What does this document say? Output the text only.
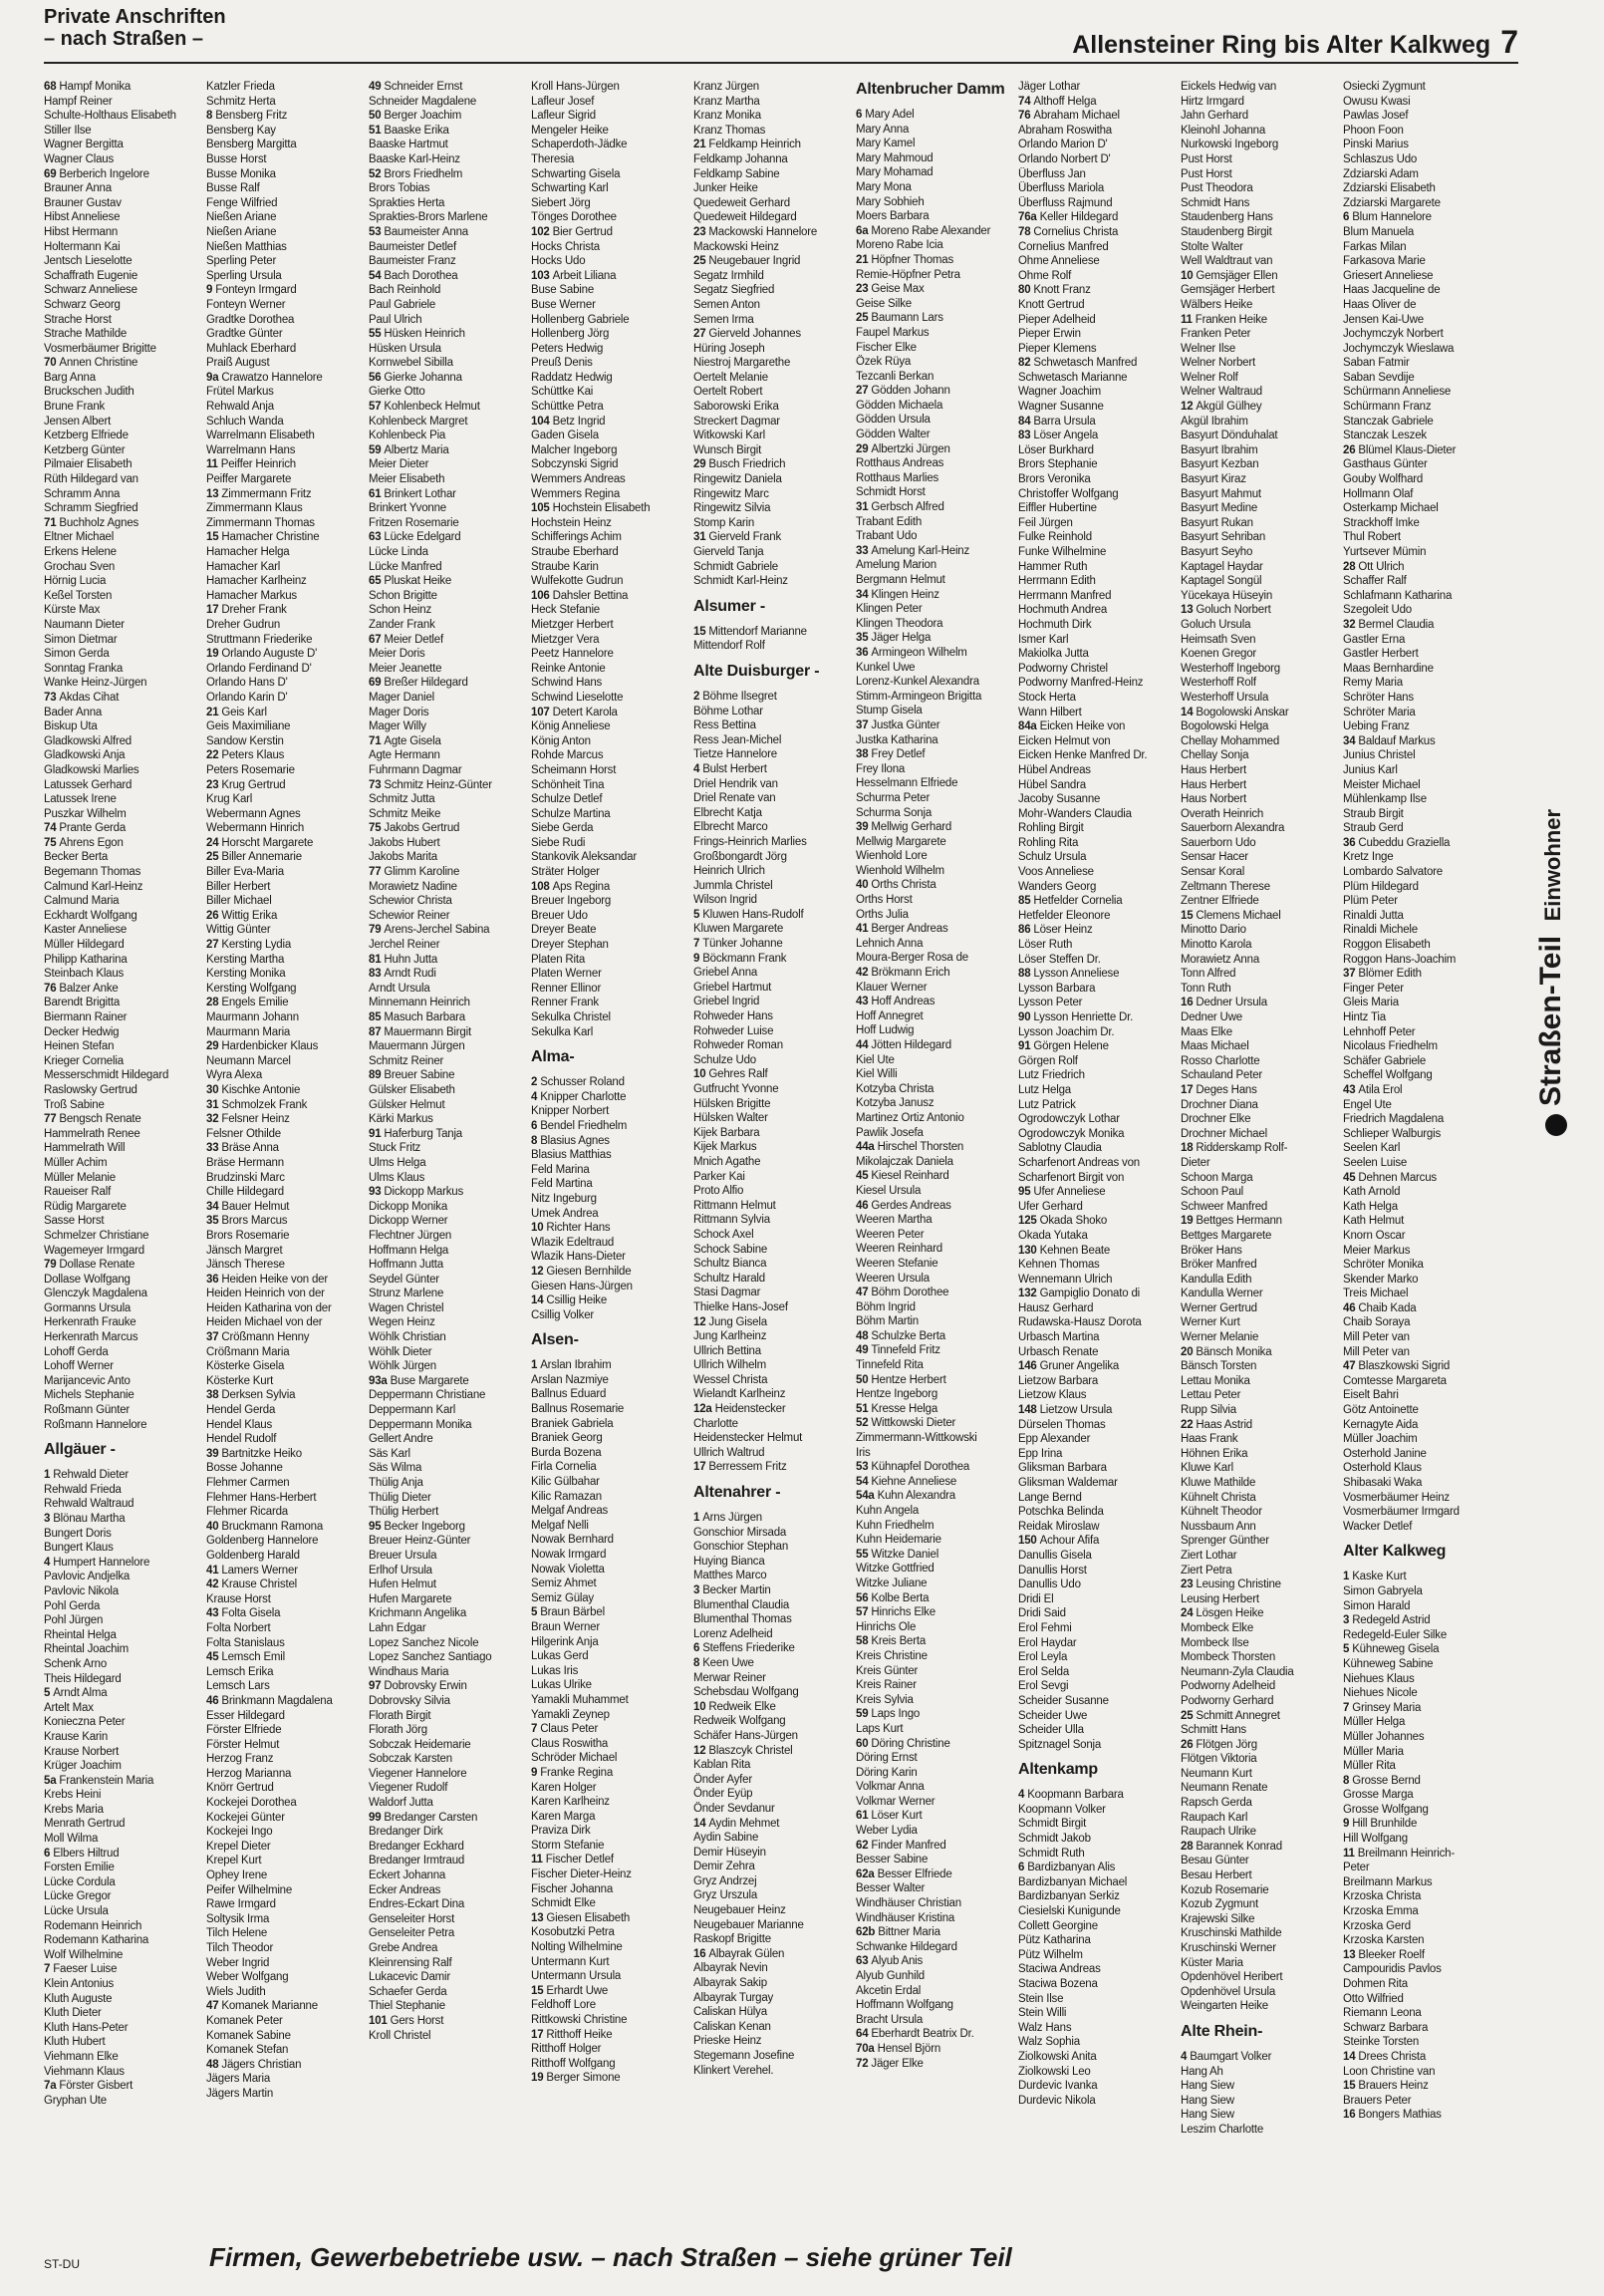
Private Anschriften
– nach Straßen –	Allensteiner Ring bis Alter Kalkweg 7
68 Hampf Monika
Hampf Reiner
Schulte-Holthaus Elisabeth
Stiller Ilse
Wagner Bergitta
Wagner Claus
69 Berberich Ingelore
Brauner Anna
Brauner Gustav
Hibst Anneliese
Hibst Hermann
Holtermann Kai
Jentsch Lieselotte
Schaffrath Eugenie
Schwarz Anneliese
Schwarz Georg
Strache Horst
Strache Mathilde
Vosmerbäumer Brigitte
70 Annen Christine
Barg Anna
Bruckschen Judith
Brune Frank
Jensen Albert
Ketzberg Elfriede
Ketzberg Günter
Pilmaier Elisabeth
Rüth Hildegard van
Schramm Anna
Schramm Siegfried
71 Buchholz Agnes
Eltner Michael
Erkens Helene
Grochau Sven
Hörnig Lucia
Keßel Torsten
Kürste Max
Naumann Dieter
Simon Dietmar
Simon Gerda
Sonntag Franka
Wanke Heinz-Jürgen
73 Akdas Cihat
Bader Anna
Biskup Uta
Gladkowski Alfred
Gladkowski Anja
Gladkowski Marlies
Latussek Gerhard
Latussek Irene
Puszkar Wilhelm
74 Prante Gerda
75 Ahrens Egon
Becker Berta
Begemann Thomas
Calmund Karl-Heinz
Calmund Maria
Eckhardt Wolfgang
Kaster Anneliese
Müller Hildegard
Philipp Katharina
Steinbach Klaus
76 Balzer Anke
Barendt Brigitta
Biermann Rainer
Decker Hedwig
Heinen Stefan
Krieger Cornelia
Messerschmidt Hildegard
Raslowsky Gertrud
Troß Sabine
77 Bengsch Renate
Hammelrath Renee
Hammelrath Will
Müller Achim
Müller Melanie
Raueiser Ralf
Rüdig Margarete
Sasse Horst
Schmelzer Christiane
Wagemeyer Irmgard
79 Dollase Renate
Dollase Wolfgang
Glenczyk Magdalena
Gormanns Ursula
Herkenrath Frauke
Herkenrath Marcus
Lohoff Gerda
Lohoff Werner
Marijancevic Anto
Michels Stephanie
Roßmann Günter
Roßmann Hannelore
Allgäuer -
1 Rehwald Dieter
Rehwald Frieda
Rehwald Waltraud
3 Blönau Martha
Bungert Doris
Bungert Klaus
4 Humpert Hannelore
Pavlovic Andjelka
Pavlovic Nikola
Pohl Gerda
Pohl Jürgen
Rheintal Helga
Rheintal Joachim
Schenk Arno
Theis Hildegard
5 Arndt Alma
Artelt Max
Konieczna Peter
Krause Karin
Krause Norbert
Krüger Joachim
5a Frankenstein Maria
Krebs Heini
Krebs Maria
Menrath Gertrud
Moll Wilma
6 Elbers Hiltrud
Forsten Emilie
Lücke Cordula
Lücke Gregor
Lücke Ursula
Rodemann Heinrich
Rodemann Katharina
Wolf Wilhelmine
7 Faeser Luise
Klein Antonius
Kluth Auguste
Kluth Dieter
Kluth Hans-Peter
Kluth Hubert
Viehmann Elke
Viehmann Klaus
7a Förster Gisbert
Gryphan Ute
Katzler Frieda
Schmitz Herta
8 Bensberg Fritz
Bensberg Kay
Bensberg Margitta
Busse Horst
Busse Monika
Busse Ralf
Fenge Wilfried
Nießen Ariane
Nießen Ariane
Nießen Matthias
Sperling Peter
Sperling Ursula
9 Fonteyn Irmgard
Fonteyn Werner
Gradtke Dorothea
Gradtke Günter
Muhlack Eberhard
Praiß August
9a Crawatzo Hannelore
Frütel Markus
Rehwald Anja
Schluch Wanda
Warrelmann Elisabeth
Warrelmann Hans
11 Peiffer Heinrich
Peiffer Margarete
13 Zimmermann Fritz
Zimmermann Klaus
Zimmermann Thomas
15 Hamacher Christine
Hamacher Helga
Hamacher Karl
Hamacher Karlheinz
Hamacher Markus
17 Dreher Frank
Dreher Gudrun
Struttmann Friederike
19 Orlando Auguste D'
Orlando Ferdinand D'
Orlando Hans D'
Orlando Karin D'
21 Geis Karl
Geis Maximiliane
Sandow Kerstin
22 Peters Klaus
Peters Rosemarie
23 Krug Gertrud
Krug Karl
Webermann Agnes
Webermann Hinrich
24 Horscht Margarete
25 Biller Annemarie
Biller Eva-Maria
Biller Herbert
Biller Michael
26 Wittig Erika
Wittig Günter
27 Kersting Lydia
Kersting Martha
Kersting Monika
Kersting Wolfgang
28 Engels Emilie
Maurmann Johann
Maurmann Maria
29 Hardenbicker Klaus
Neumann Marcel
Wyra Alexa
30 Kischke Antonie
31 Schmolzek Frank
32 Felsner Heinz
Felsner Othilde
33 Bräse Anna
Bräse Hermann
Brudzinski Marc
Chille Hildegard
34 Bauer Helmut
35 Brors Marcus
Brors Rosemarie
Jänsch Margret
Jänsch Therese
36 Heiden Heike von der
Heiden Heinrich von der
Heiden Katharina von der
Heiden Michael von der
37 Crößmann Henny
Crößmann Maria
Kösterke Gisela
Kösterke Kurt
38 Derksen Sylvia
Hendel Gerda
Hendel Klaus
Hendel Rudolf
39 Bartnitzke Heiko
Bosse Johanne
Flehmer Carmen
Flehmer Hans-Herbert
Flehmer Ricarda
40 Bruckmann Ramona
Goldenberg Hannelore
Goldenberg Harald
41 Lamers Werner
42 Krause Christel
Krause Horst
43 Folta Gisela
Folta Norbert
Folta Stanislaus
45 Lemsch Emil
Lemsch Erika
Lemsch Lars
46 Brinkmann Magdalena
Esser Hildegard
Förster Elfriede
Förster Helmut
Herzog Franz
Herzog Marianna
Knörr Gertrud
Kockejei Dorothea
Kockejei Günter
Kockejei Ingo
Krepel Dieter
Krepel Kurt
Ophey Irene
Peifer Wilhelmine
Rawe Irmgard
Soltysik Irma
Tilch Helene
Tilch Theodor
Weber Ingrid
Weber Wolfgang
Wiels Judith
47 Komanek Marianne
Komanek Peter
Komanek Sabine
Komanek Stefan
48 Jägers Christian
Jägers Maria
Jägers Martin
49 Schneider Ernst
Schneider Magdalene
50 Berger Joachim
51 Baaske Erika
Baaske Hartmut
Baaske Karl-Heinz
52 Brors Friedhelm
Brors Tobias
Sprakties Herta
Sprakties-Brors Marlene
53 Baumeister Anna
Baumeister Detlef
Baumeister Franz
54 Bach Dorothea
Bach Reinhold
Paul Gabriele
Paul Ulrich
55 Hüsken Heinrich
Hüsken Ursula
Kornwebel Sibilla
56 Gierke Johanna
Gierke Otto
57 Kohlenbeck Helmut
Kohlenbeck Margret
Kohlenbeck Pia
59 Albertz Maria
Meier Dieter
Meier Elisabeth
61 Brinkert Lothar
Brinkert Yvonne
Fritzen Rosemarie
63 Lücke Edelgard
Lücke Linda
Lücke Manfred
65 Pluskat Heike
Schon Brigitte
Schon Heinz
Zander Frank
67 Meier Detlef
Meier Doris
Meier Jeanette
69 Breßer Hildegard
Mager Daniel
Mager Doris
Mager Willy
71 Agte Gisela
Agte Hermann
Fuhrmann Dagmar
73 Schmitz Heinz-Günter
Schmitz Jutta
Schmitz Meike
75 Jakobs Gertrud
Jakobs Hubert
Jakobs Marita
77 Glimm Karoline
Morawietz Nadine
Schewior Christa
Schewior Reiner
79 Arens-Jerchel Sabina
Jerchel Reiner
81 Huhn Jutta
83 Arndt Rudi
Arndt Ursula
Minnemann Heinrich
85 Masuch Barbara
87 Mauermann Birgit
Mauermann Jürgen
Schmitz Reiner
89 Breuer Sabine
Gülsker Elisabeth
Gülsker Helmut
Kärki Markus
91 Haferburg Tanja
Stuck Fritz
Ulms Helga
Ulms Klaus
93 Dickopp Markus
Dickopp Monika
Dickopp Werner
Flechtner Jürgen
Hoffmann Helga
Hoffmann Jutta
Seydel Günter
Strunz Marlene
Wagen Christel
Wegen Heinz
Wöhlk Christian
Wöhlk Dieter
Wöhlk Jürgen
93a Buse Margarete
Deppermann Christiane
Deppermann Karl
Deppermann Monika
Gellert Andre
Säs Karl
Säs Wilma
Thülig Anja
Thülig Dieter
Thülig Herbert
95 Becker Ingeborg
Breuer Heinz-Günter
Breuer Ursula
Erlhof Ursula
Hufen Helmut
Hufen Margarete
Krichmann Angelika
Lahn Edgar
Lopez Sanchez Nicole
Lopez Sanchez Santiago
Windhaus Maria
97 Dobrovsky Erwin
Dobrovsky Silvia
Florath Birgit
Florath Jörg
Sobczak Heidemarie
Sobczak Karsten
Viegener Hannelore
Viegener Rudolf
Waldorf Jutta
99 Bredanger Carsten
Bredanger Dirk
Bredanger Eckhard
Bredanger Irmtraud
Eckert Johanna
Ecker Andreas
Endres-Eckart Dina
Genseleiter Horst
Genseleiter Petra
Grebe Andrea
Kleinrensing Ralf
Lukacevic Damir
Schaefer Gerda
Thiel Stephanie
101 Gers Horst
Kroll Christel
Kroll Hans-Jürgen
Lafleur Josef
Lafleur Sigrid
Mengeler Heike
Schaperdoth-Jädke
Theresia
Schwarting Gisela
Schwarting Karl
Siebert Jörg
Tönges Dorothee
102 Bier Gertrud
Hocks Christa
Hocks Udo
103 Arbeit Liliana
Buse Sabine
Buse Werner
Hollenberg Gabriele
Hollenberg Jörg
Peters Hedwig
Preuß Denis
Raddatz Hedwig
Schüttke Kai
Schüttke Petra
104 Betz Ingrid
Gaden Gisela
Malcher Ingeborg
Sobczynski Sigrid
Wemmers Andreas
Wemmers Regina
105 Hochstein Elisabeth
Hochstein Heinz
Schifferings Achim
Straube Eberhard
Straube Karin
Wulfekotte Gudrun
106 Dahsler Bettina
Heck Stefanie
Mietzger Herbert
Mietzger Vera
Peetz Hannelore
Reinke Antonie
Schwind Hans
Schwind Lieselotte
107 Detert Karola
König Anneliese
König Anton
Rohde Marcus
Scheimann Horst
Schönheit Tina
Schulze Detlef
Schulze Martina
Siebe Gerda
Siebe Rudi
Stankovik Aleksandar
Sträter Holger
108 Aps Regina
Breuer Ingeborg
Breuer Udo
Dreyer Beate
Dreyer Stephan
Platen Rita
Platen Werner
Renner Ellinor
Renner Frank
Sekulka Christel
Sekulka Karl
Alma-
2 Schusser Roland
4 Knipper Charlotte
Knipper Norbert
6 Bendel Friedhelm
8 Blasius Agnes
Blasius Matthias
Feld Marina
Feld Martina
Nitz Ingeburg
Umek Andrea
10 Richter Hans
Wlazik Edeltraud
Wlazik Hans-Dieter
12 Giesen Bernhilde
Giesen Hans-Jürgen
14 Csillig Heike
Csillig Volker
Alsen-
1 Arslan Ibrahim
Arslan Nazmiye
Ballnus Eduard
Ballnus Rosemarie
Braniek Gabriela
Braniek Georg
Burda Bozena
Firla Cornelia
Kilic Gülbahar
Kilic Ramazan
Melgaf Andreas
Melgaf Nelli
Nowak Bernhard
Nowak Irmgard
Nowak Violetta
Semiz Ahmet
Semiz Gülay
5 Braun Bärbel
Braun Werner
Hilgerink Anja
Lukas Gerd
Lukas Iris
Lukas Ulrike
Yamakli Muhammet
Yamakli Zeynep
7 Claus Peter
Claus Roswitha
Schröder Michael
9 Franke Regina
Karen Holger
Karen Karlheinz
Karen Marga
Praviza Dirk
Storm Stefanie
11 Fischer Detlef
Fischer Dieter-Heinz
Fischer Johanna
Schmidt Elke
13 Giesen Elisabeth
Kosobutzki Petra
Nolting Wilhelmine
Untermann Kurt
Untermann Ursula
15 Erhardt Uwe
Feldhoff Lore
Rittkowski Christine
17 Ritthoff Heike
Ritthoff Holger
Ritthoff Wolfgang
19 Berger Simone
Kranz Jürgen
Kranz Martha
Kranz Monika
Kranz Thomas
21 Feldkamp Heinrich
Feldkamp Johanna
Feldkamp Sabine
Junker Heike
Quedeweit Gerhard
Quedeweit Hildegard
23 Mackowski Hannelore
Mackowski Heinz
25 Neugebauer Ingrid
Segatz Irmhild
Segatz Siegfried
Semen Anton
Semen Irma
27 Gierveld Johannes
Hüring Joseph
Niestroj Margarethe
Oertelt Melanie
Oertelt Robert
Saborowski Erika
Streckert Dagmar
Witkowski Karl
Wunsch Birgit
29 Busch Friedrich
Ringewitz Daniela
Ringewitz Marc
Ringewitz Silvia
Stomp Karin
31 Gierveld Frank
Gierveld Tanja
Schmidt Gabriele
Schmidt Karl-Heinz
Alsumer -
15 Mittendorf Marianne
Mittendorf Rolf
Alte Duisburger -
2 Böhme Ilsegret
Böhme Lothar
Ress Bettina
Ress Jean-Michel
Tietze Hannelore
4 Bulst Herbert
Driel Hendrik van
Driel Renate van
Elbrecht Katja
Elbrecht Marco
Frings-Heinrich Marlies
Großbongardt Jörg
Heinrich Ulrich
Jummla Christel
Wilson Ingrid
5 Kluwen Hans-Rudolf
Kluwen Margarete
7 Tünker Johanne
9 Böckmann Frank
Griebel Anna
Griebel Hartmut
Griebel Ingrid
Rohweder Hans
Rohweder Luise
Rohweder Roman
Schulze Udo
10 Gehres Ralf
Gutfrucht Yvonne
Hülsken Brigitte
Hülsken Walter
Kijek Barbara
Kijek Markus
Mnich Agathe
Parker Kai
Proto Alfio
Rittmann Helmut
Rittmann Sylvia
Schock Axel
Schock Sabine
Schultz Bianca
Schultz Harald
Stasi Dagmar
Thielke Hans-Josef
12 Jung Gisela
Jung Karlheinz
Ullrich Bettina
Ullrich Wilhelm
Wessel Christa
Wielandt Karlheinz
12a Heidenstecker
Charlotte
Heidenstecker Helmut
Ullrich Waltrud
17 Berressem Fritz
Altenahrer -
1 Arns Jürgen
Gonschior Mirsada
Gonschior Stephan
Huying Bianca
Matthes Marco
3 Becker Martin
Blumenthal Claudia
Blumenthal Thomas
Lorenz Adelheid
6 Steffens Friederike
8 Keen Uwe
Merwar Reiner
Schebsdau Wolfgang
10 Redweik Elke
Redweik Wolfgang
Schäfer Hans-Jürgen
12 Blaszcyk Christel
Kablan Rita
Önder Ayfer
Önder Eyüp
Önder Sevdanur
14 Aydin Mehmet
Aydin Sabine
Demir Hüseyin
Demir Zehra
Gryz Andrzej
Gryz Urszula
Neugebauer Heinz
Neugebauer Marianne
Raskopf Brigitte
16 Albayrak Gülen
Albayrak Nevin
Albayrak Sakip
Albayrak Turgay
Caliskan Hülya
Caliskan Kenan
Prieske Heinz
Stegemann Josefine
Klinkert Verehel.
Altenbrucher Damm
6 Mary Adel
Mary Anna
Mary Kamel
Mary Mahmoud
Mary Mohamad
Mary Mona
Mary Sobhieh
Moers Barbara
6a Moreno Rabe Alexander
Moreno Rabe Icia
21 Höpfner Thomas
Remie-Höpfner Petra
23 Geise Max
Geise Silke
25 Baumann Lars
Faupel Markus
Fischer Elke
Özek Rüya
Tezcanli Berkan
27 Gödden Johann
Gödden Michaela
Gödden Ursula
Gödden Walter
29 Albertzki Jürgen
Rotthaus Andreas
Rotthaus Marlies
Schmidt Horst
31 Gerbsch Alfred
Trabant Edith
Trabant Udo
33 Amelung Karl-Heinz
Amelung Marion
Bergmann Helmut
34 Klingen Heinz
Klingen Peter
Klingen Theodora
35 Jäger Helga
36 Armingeon Wilhelm
Kunkel Uwe
Lorenz-Kunkel Alexandra
Stimm-Armingeon Brigitta
Stump Gisela
37 Justka Günter
Justka Katharina
38 Frey Detlef
Frey Ilona
Hesselmann Elfriede
Schurma Peter
Schurma Sonja
39 Mellwig Gerhard
Mellwig Margarete
Wienhold Lore
Wienhold Wilhelm
40 Orths Christa
Orths Horst
Orths Julia
41 Berger Andreas
Lehnich Anna
Moura-Berger Rosa de
42 Brökmann Erich
Klauer Werner
43 Hoff Andreas
Hoff Annegret
Hoff Ludwig
44 Jötten Hildegard
Kiel Ute
Kiel Willi
Kotzyba Christa
Kotzyba Janusz
Martinez Ortiz Antonio
Pawlik Josefa
44a Hirschel Thorsten
Mikolajczak Daniela
45 Kiesel Reinhard
Kiesel Ursula
46 Gerdes Andreas
Weeren Martha
Weeren Peter
Weeren Reinhard
Weeren Stefanie
Weeren Ursula
47 Böhm Dorothee
Böhm Ingrid
Böhm Martin
48 Schulzke Berta
49 Tinnefeld Fritz
Tinnefeld Rita
50 Hentze Herbert
Hentze Ingeborg
51 Kresse Helga
52 Wittkowski Dieter
Zimmermann-Wittkowski
Iris
53 Kühnapfel Dorothea
54 Kiehne Anneliese
54a Kuhn Alexandra
Kuhn Angela
Kuhn Friedhelm
Kuhn Heidemarie
55 Witzke Daniel
Witzke Gottfried
Witzke Juliane
56 Kolbe Berta
57 Hinrichs Elke
Hinrichs Ole
58 Kreis Berta
Kreis Christine
Kreis Günter
Kreis Rainer
Kreis Sylvia
59 Laps Ingo
Laps Kurt
60 Döring Christine
Döring Ernst
Döring Karin
Volkmar Anna
Volkmar Werner
61 Löser Kurt
Weber Lydia
62 Finder Manfred
Besser Sabine
62a Besser Elfriede
Besser Walter
Windhäuser Christian
Windhäuser Kristina
62b Bittner Maria
Schwanke Hildegard
63 Alyub Anis
Alyub Gunhild
Akcetin Erdal
Hoffmann Wolfgang
Bracht Ursula
64 Eberhardt Beatrix Dr.
70a Hensel Björn
72 Jäger Elke
Jäger Lothar
74 Althoff Helga
76 Abraham Michael
Abraham Roswitha
Orlando Marion D'
Orlando Norbert D'
Überfluss Jan
Überfluss Mariola
Überfluss Rajmund
76a Keller Hildegard
78 Cornelius Christa
Cornelius Manfred
Ohme Anneliese
Ohme Rolf
80 Knott Franz
Knott Gertrud
Pieper Adelheid
Pieper Erwin
Pieper Klemens
82 Schwetasch Manfred
Schwetasch Marianne
Wagner Joachim
Wagner Susanne
84 Barra Ursula
83 Löser Angela
Löser Burkhard
Brors Stephanie
Brors Veronika
Christoffer Wolfgang
Eiffler Hubertine
Feil Jürgen
Fulke Reinhold
Funke Wilhelmine
Hammer Ruth
Herrmann Edith
Herrmann Manfred
Hochmuth Andrea
Hochmuth Dirk
Ismer Karl
Makiolka Jutta
Podworny Christel
Podworny Manfred-Heinz
Stock Herta
Wann Hilbert
84a Eicken Heike von
Eicken Helmut von
Eicken Henke Manfred Dr.
Hübel Andreas
Hübel Sandra
Jacoby Susanne
Mohr-Wanders Claudia
Rohling Birgit
Rohling Rita
Schulz Ursula
Voos Anneliese
Wanders Georg
85 Hetfelder Cornelia
Hetfelder Eleonore
86 Löser Heinz
Löser Ruth
Löser Steffen Dr.
88 Lysson Anneliese
Lysson Barbara
Lysson Peter
90 Lysson Henriette Dr.
Lysson Joachim Dr.
91 Görgen Helene
Görgen Rolf
Lutz Friedrich
Lutz Helga
Lutz Patrick
Ogrodowczyk Lothar
Ogrodowczyk Monika
Sablotny Claudia
Scharfenort Andreas von
Scharfenort Birgit von
95 Ufer Anneliese
Ufer Gerhard
125 Okada Shoko
Okada Yutaka
130 Kehnen Beate
Kehnen Thomas
Wennemann Ulrich
132 Gampiglio Donato di
Hausz Gerhard
Rudawska-Hausz Dorota
Urbasch Martina
Urbasch Renate
146 Gruner Angelika
Lietzow Barbara
Lietzow Klaus
148 Lietzow Ursula
Dürselen Thomas
Epp Alexander
Epp Irina
Gliksman Barbara
Gliksman Waldemar
Lange Bernd
Potschka Belinda
Reidak Miroslaw
150 Achour Afifa
Danullis Gisela
Danullis Horst
Danullis Udo
Dridi El
Dridi Said
Erol Fehmi
Erol Haydar
Erol Leyla
Erol Selda
Erol Sevgi
Scheider Susanne
Scheider Uwe
Scheider Ulla
Spitznagel Sonja
Altenkamp
4 Koopmann Barbara
Koopmann Volker
Schmidt Birgit
Schmidt Jakob
Schmidt Ruth
6 Bardizbanyan Alis
Bardizbanyan Michael
Bardizbanyan Serkiz
Ciesielski Kunigunde
Collett Georgine
Pütz Katharina
Pütz Wilhelm
Staciwa Andreas
Staciwa Bozena
Stein Ilse
Stein Willi
Walz Hans
Walz Sophia
Ziolkowski Anita
Ziolkowski Leo
Durdevic Ivanka
Durdevic Nikola
Eickels Hedwig van
Hirtz Irmgard
Jahn Gerhard
Kleinohl Johanna
Nurkowski Ingeborg
Pust Horst
Pust Horst
Pust Theodora
Schmidt Hans
Staudenberg Hans
Staudenberg Birgit
Stolte Walter
Well Waldtraut van
10 Gemsjäger Ellen
Gemsjäger Herbert
Wälbers Heike
11 Franken Heike
Franken Peter
Welner Ilse
Welner Norbert
Welner Rolf
Welner Waltraud
12 Akgül Gülhey
Akgül Ibrahim
Basyurt Dönduhalat
Basyurt Ibrahim
Basyurt Kezban
Basyurt Kiraz
Basyurt Mahmut
Basyurt Medine
Basyurt Rukan
Basyurt Sehriban
Basyurt Seyho
Kaptagel Haydar
Kaptagel Songül
Yücekaya Hüseyin
13 Goluch Norbert
Goluch Ursula
Heimsath Sven
Koenen Gregor
Westerhoff Ingeborg
Westerhoff Rolf
Westerhoff Ursula
14 Bogolowski Anskar
Bogolowski Helga
Chellay Mohammed
Chellay Sonja
Haus Herbert
Haus Herbert
Haus Norbert
Overath Heinrich
Sauerborn Alexandra
Sauerborn Udo
Sensar Hacer
Sensar Koral
Zeltmann Therese
Zentner Elfriede
15 Clemens Michael
Minotto Dario
Minotto Karola
Morawietz Anna
Tonn Alfred
Tonn Ruth
16 Dedner Ursula
Dedner Uwe
Maas Elke
Maas Michael
Rosso Charlotte
Schauland Peter
17 Deges Hans
Drochner Diana
Drochner Elke
Drochner Michael
18 Ridderskamp Rolf-
Dieter
Schoon Marga
Schoon Paul
Schweer Manfred
19 Bettges Hermann
Bettges Margarete
Bröker Hans
Bröker Manfred
Kandulla Edith
Kandulla Werner
Werner Gertrud
Werner Kurt
Werner Melanie
20 Bänsch Monika
Bänsch Torsten
Lettau Monika
Lettau Peter
Rupp Silvia
22 Haas Astrid
Haas Frank
Höhnen Erika
Kluwe Karl
Kluwe Mathilde
Kühnelt Christa
Kühnelt Theodor
Nussbaum Ann
Sprenger Günther
Ziert Lothar
Ziert Petra
23 Leusing Christine
Leusing Herbert
24 Lösgen Heike
Mombeck Elke
Mombeck Ilse
Mombeck Thorsten
Neumann-Zyla Claudia
Podworny Adelheid
Podworny Gerhard
25 Schmitt Annegret
Schmitt Hans
26 Flötgen Jörg
Flötgen Viktoria
Neumann Kurt
Neumann Renate
Rapsch Gerda
Raupach Karl
Raupach Ulrike
28 Barannek Konrad
Besau Günter
Besau Herbert
Kozub Rosemarie
Kozub Zygmunt
Krajewski Silke
Kruschinski Mathilde
Kruschinski Werner
Küster Maria
Opdenhövel Heribert
Opdenhövel Ursula
Weingarten Heike
Alte Rhein-
4 Baumgart Volker
Hang Ah
Hang Siew
Hang Siew
Hang Siew
Leszim Charlotte
Osiecki Zygmunt
Owusu Kwasi
Pawlas Josef
Phoon Foon
Pinski Marius
Schlaszus Udo
Zdziarski Adam
Zdziarski Elisabeth
Zdziarski Margarete
6 Blum Hannelore
Blum Manuela
Farkas Milan
Farkasova Marie
Griesert Anneliese
Haas Jacqueline de
Haas Oliver de
Jensen Kai-Uwe
Jochymczyk Norbert
Jochymczyk Wieslawa
Saban Fatmir
Saban Sevdije
Schürmann Anneliese
Schürmann Franz
Stanczak Gabriele
Stanczak Leszek
26 Blümel Klaus-Dieter
Gasthaus Günter
Gouby Wolfhard
Hollmann Olaf
Osterkamp Michael
Strackhoff Imke
Thul Robert
Yurtsever Mümin
28 Ott Ulrich
Schaffer Ralf
Schlafmann Katharina
Szegoleit Udo
32 Bermel Claudia
Gastler Erna
Gastler Herbert
Maas Bernhardine
Remy Maria
Schröter Hans
Schröter Maria
Uebing Franz
34 Baldauf Markus
Junius Christel
Junius Karl
Meister Michael
Mühlenkamp Ilse
Straub Birgit
Straub Gerd
36 Cubeddu Graziella
Kretz Inge
Lombardo Salvatore
Plüm Hildegard
Plüm Peter
Rinaldi Jutta
Rinaldi Michele
Roggon Elisabeth
Roggon Hans-Joachim
37 Blömer Edith
Finger Peter
Gleis Maria
Hintz Tia
Lehnhoff Peter
Nicolaus Friedhelm
Schäfer Gabriele
Scheffel Wolfgang
43 Atila Erol
Engel Ute
Friedrich Magdalena
Schlieper Walburgis
Seelen Karl
Seelen Luise
45 Dehnen Marcus
Kath Arnold
Kath Helga
Kath Helmut
Knorn Oscar
Meier Markus
Schröter Monika
Skender Marko
Treis Michael
46 Chaib Kada
Chaib Soraya
Mill Peter van
Mill Peter van
47 Blaszkowski Sigrid
Comtesse Margareta
Eiselt Bahri
Götz Antoinette
Kernagyte Aida
Müller Joachim
Osterhold Janine
Osterhold Klaus
Shibasaki Waka
Vosmerbäumer Heinz
Vosmerbäumer Irmgard
Wacker Detlef
Alter Kalkweg
1 Kaske Kurt
Simon Gabryela
Simon Harald
3 Redegeld Astrid
Redegeld-Euler Silke
5 Kühneweg Gisela
Kühneweg Sabine
Niehues Klaus
Niehues Nicole
7 Grinsey Maria
Müller Helga
Müller Johannes
Müller Maria
Müller Rita
8 Grosse Bernd
Grosse Marga
Grosse Wolfgang
9 Hill Brunhilde
Hill Wolfgang
11 Breilmann Heinrich-
Peter
Breilmann Markus
Krzoska Christa
Krzoska Emma
Krzoska Gerd
Krzoska Karsten
13 Bleeker Roelf
Campouridis Pavlos
Dohmen Rita
Otto Wilfried
Riemann Leona
Schwarz Barbara
Steinke Torsten
14 Drees Christa
Loon Christine van
15 Brauers Heinz
Brauers Peter
16 Bongers Mathias
Straßen-Teil Einwohner
ST-DU	Firmen, Gewerbebetriebe usw. – nach Straßen – siehe grüner Teil
